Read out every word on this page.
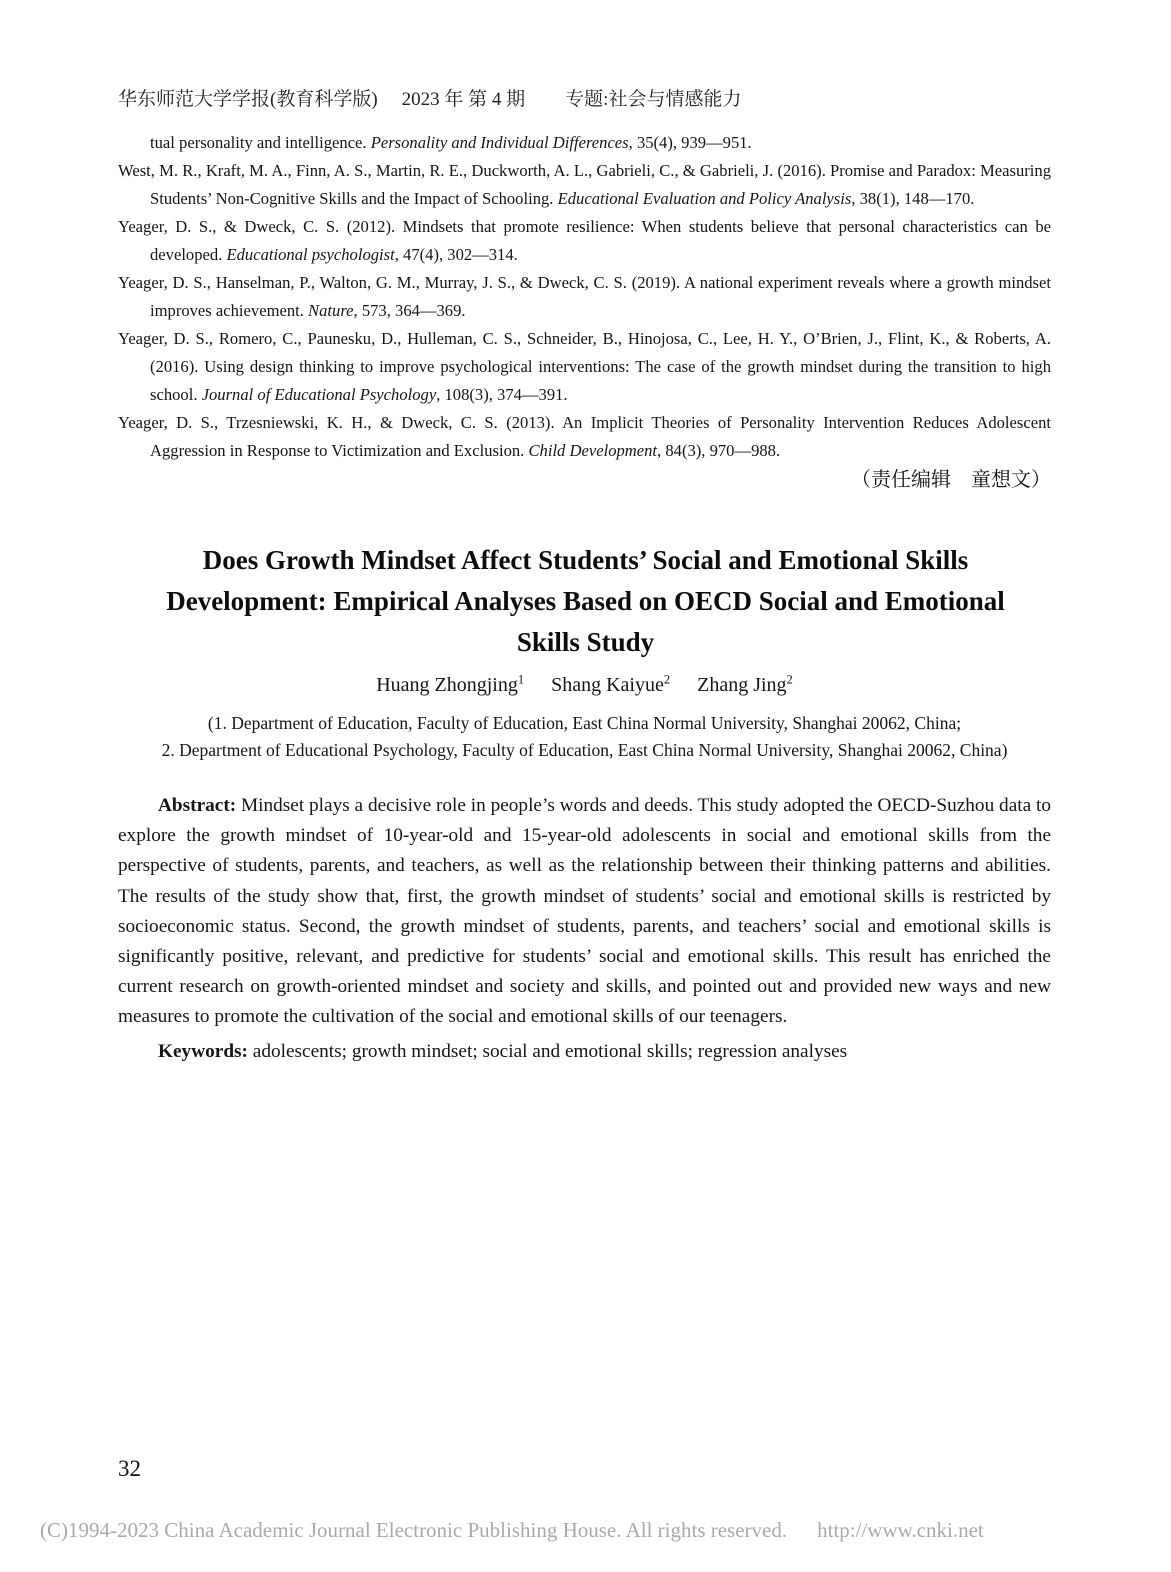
华东师范大学学报(教育科学版) 2023 年 第 4 期 专题:社会与情感能力

tual personality and intelligence. Personality and Individual Differences, 35(4), 939—951.

West, M. R., Kraft, M. A., Finn, A. S., Martin, R. E., Duckworth, A. L., Gabrieli, C., & Gabrieli, J. (2016). Promise and Paradox: Measuring Students’ Non-Cognitive Skills and the Impact of Schooling. Educational Evaluation and Policy Analysis, 38(1), 148—170.

Yeager, D. S., & Dweck, C. S. (2012). Mindsets that promote resilience: When students believe that personal characteristics can be developed. Educational psychologist, 47(4), 302—314.

Yeager, D. S., Hanselman, P., Walton, G. M., Murray, J. S., & Dweck, C. S. (2019). A national experiment reveals where a growth mindset improves achievement. Nature, 573, 364—369.

Yeager, D. S., Romero, C., Paunesku, D., Hulleman, C. S., Schneider, B., Hinojosa, C., Lee, H. Y., O’Brien, J., Flint, K., & Roberts, A. (2016). Using design thinking to improve psychological interventions: The case of the growth mindset during the transition to high school. Journal of Educational Psychology, 108(3), 374—391.

Yeager, D. S., Trzesniewski, K. H., & Dweck, C. S. (2013). An Implicit Theories of Personality Intervention Reduces Adolescent Aggression in Response to Victimization and Exclusion. Child Development, 84(3), 970—988.

（责任编辑　童想文）
Does Growth Mindset Affect Students’ Social and Emotional Skills
Development: Empirical Analyses Based on OECD Social and Emotional
Skills Study
Huang Zhongjing$^1$ Shang Kaiyue$^2$ Zhang Jing$^2$
(1. Department of Education, Faculty of Education, East China Normal University, Shanghai 20062, China;
2. Department of Educational Psychology, Faculty of Education, East China Normal University, Shanghai 20062, China)

Abstract: Mindset plays a decisive role in people’s words and deeds. This study adopted the OECD-Suzhou data to explore the growth mindset of 10-year-old and 15-year-old adolescents in social and emotional skills from the perspective of students, parents, and teachers, as well as the relationship between their thinking patterns and abilities. The results of the study show that, first, the growth mindset of students’ social and emotional skills is restricted by socioeconomic status. Second, the growth mindset of students, parents, and teachers’ social and emotional skills is significantly positive, relevant, and predictive for students’ social and emotional skills. This result has enriched the current research on growth-oriented mindset and society and skills, and pointed out and provided new ways and new measures to promote the cultivation of the social and emotional skills of our teenagers.

Keywords: adolescents; growth mindset; social and emotional skills; regression analyses

32
(C)1994-2023 China Academic Journal Electronic Publishing House. All rights reserved. http://www.cnki.net
